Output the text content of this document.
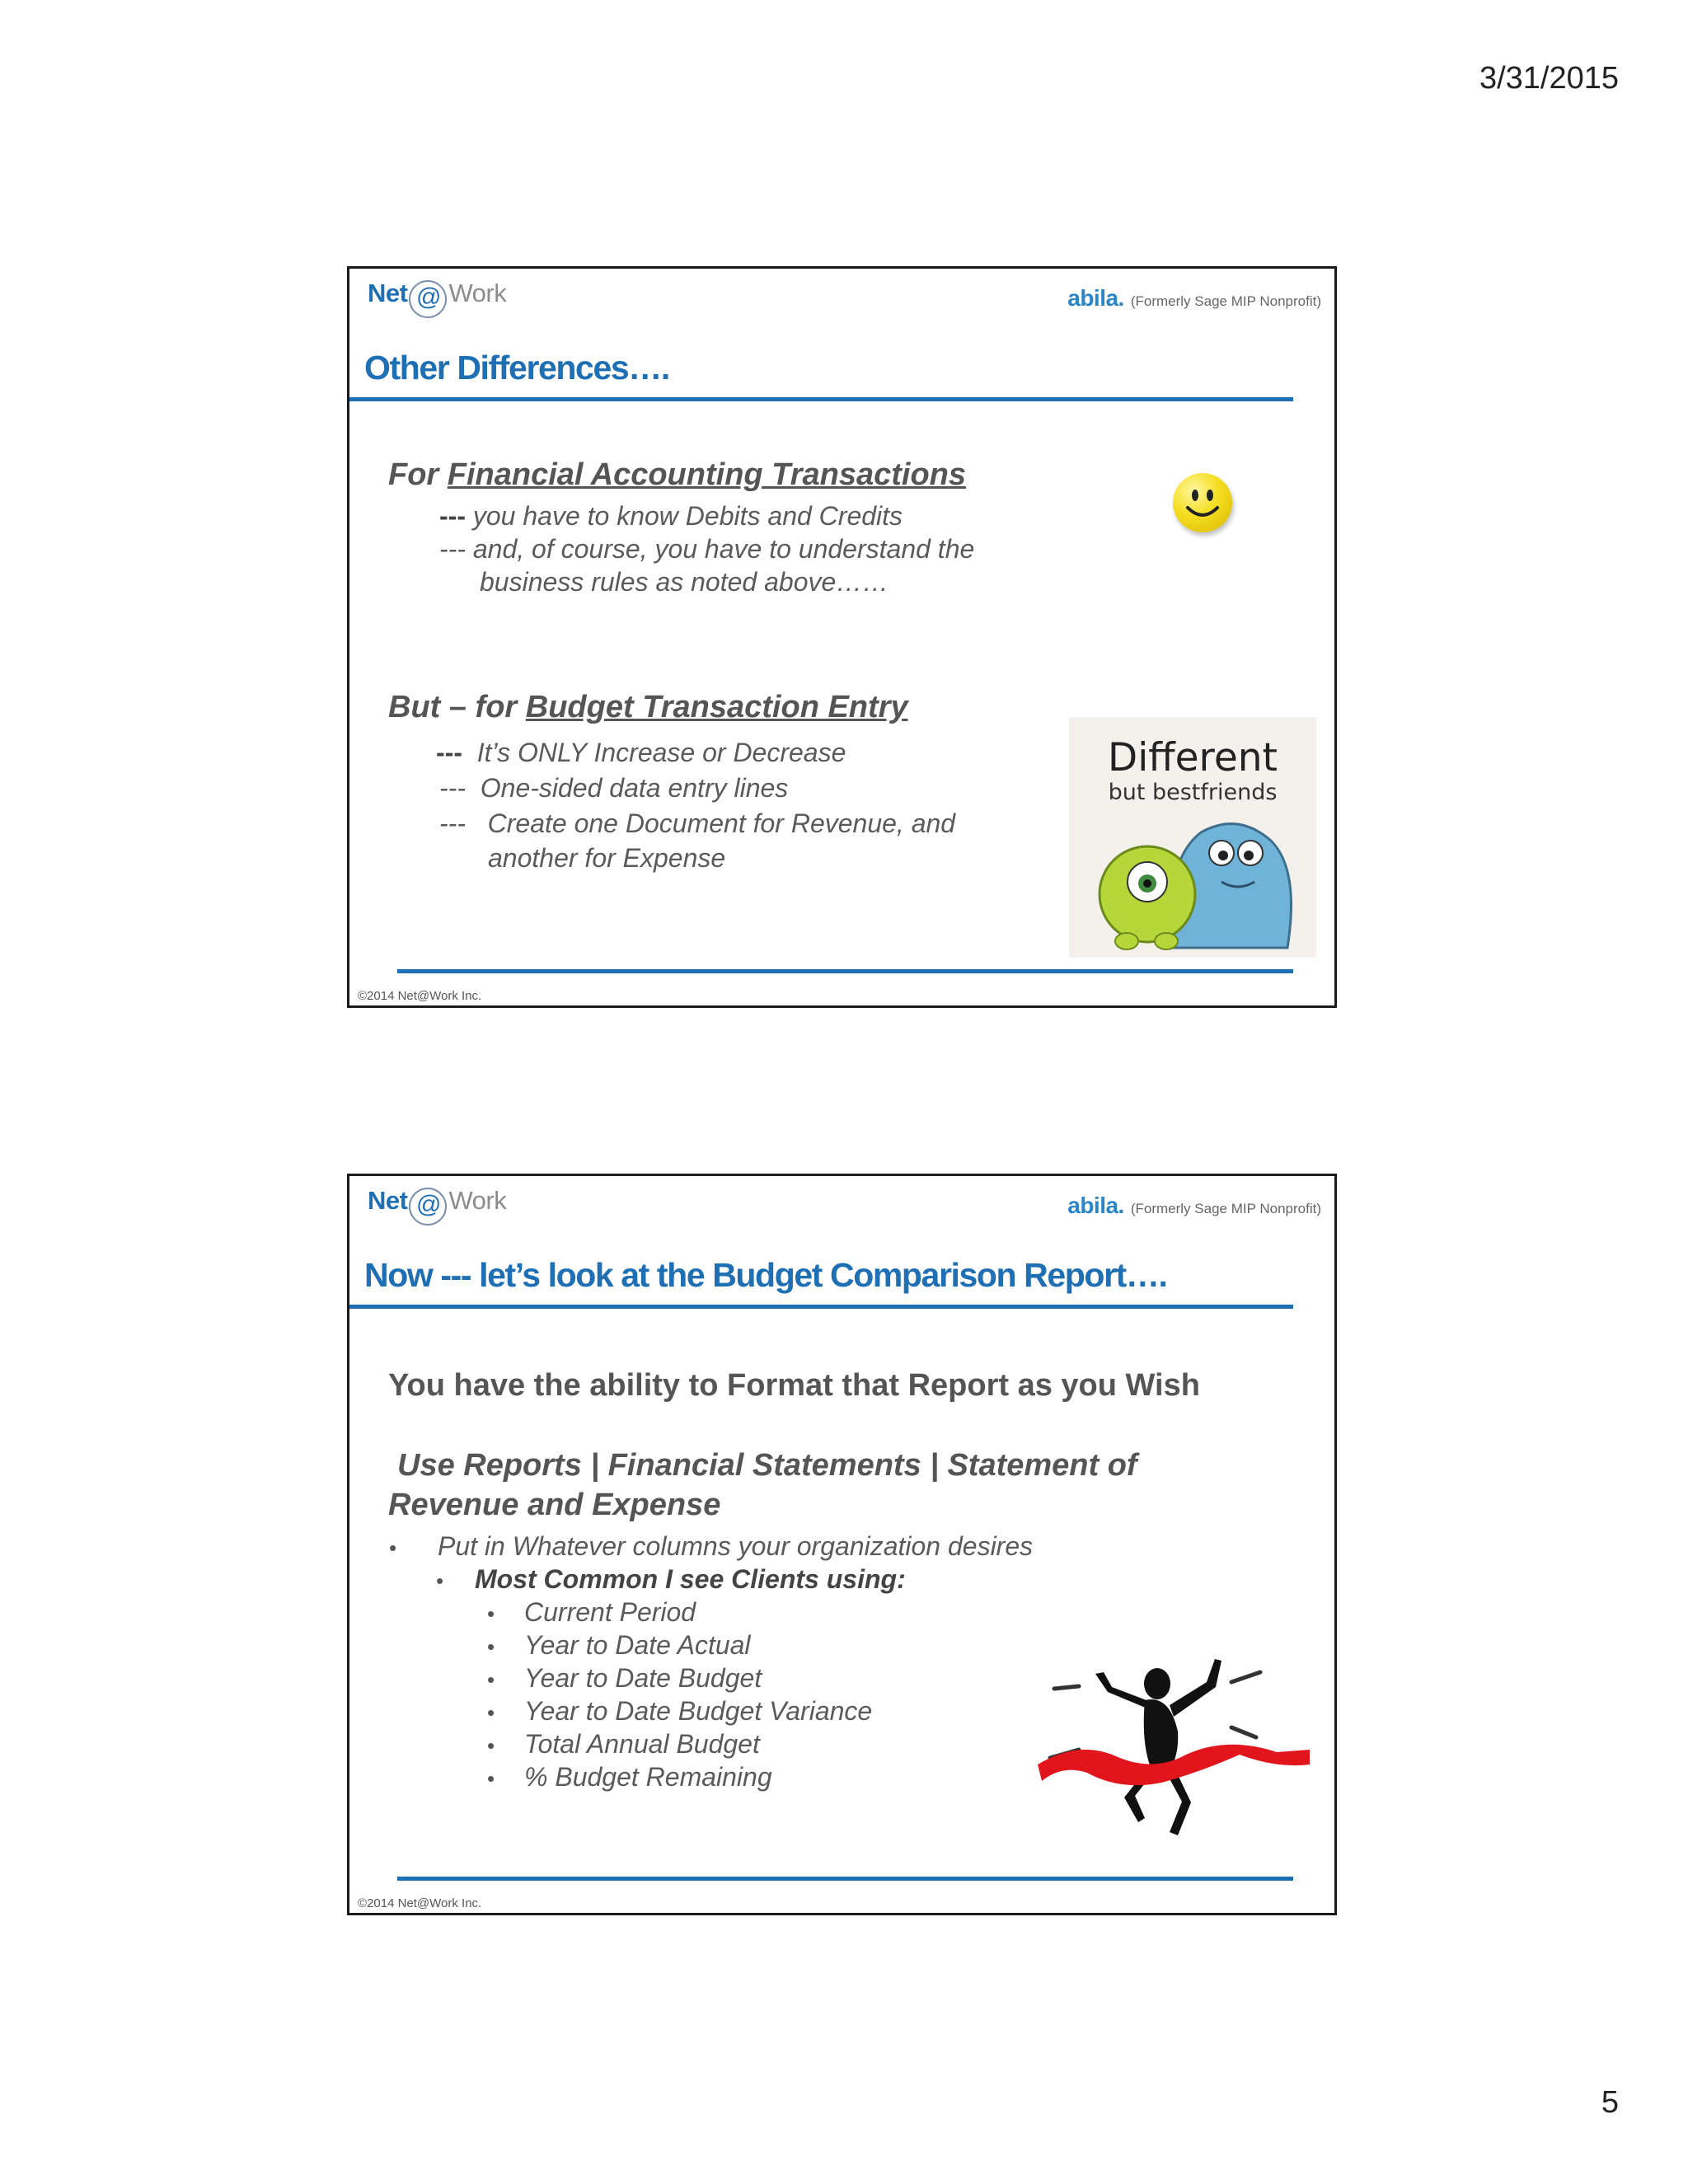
3/31/2015
Net @ Work	abila. (Formerly Sage MIP Nonprofit)
Other Differences….
For Financial Accounting Transactions
--- you have to know Debits and Credits
--- and, of course, you have to understand the
business rules as noted above……
But – for Budget Transaction Entry
--- It’s ONLY Increase or Decrease
--- One-sided data entry lines
--- Create one Document for Revenue, and
another for Expense
Different
but bestfriends
©2014 Net@Work Inc.
Net @ Work	abila. (Formerly Sage MIP Nonprofit)
Now --- let’s look at the Budget Comparison Report….
You have the ability to Format that Report as you Wish
Use Reports | Financial Statements | Statement of
Revenue and Expense
• Put in Whatever columns your organization desires
• Most Common I see Clients using:
• Current Period
• Year to Date Actual
• Year to Date Budget
• Year to Date Budget Variance
• Total Annual Budget
• % Budget Remaining
©2014 Net@Work Inc.
5
